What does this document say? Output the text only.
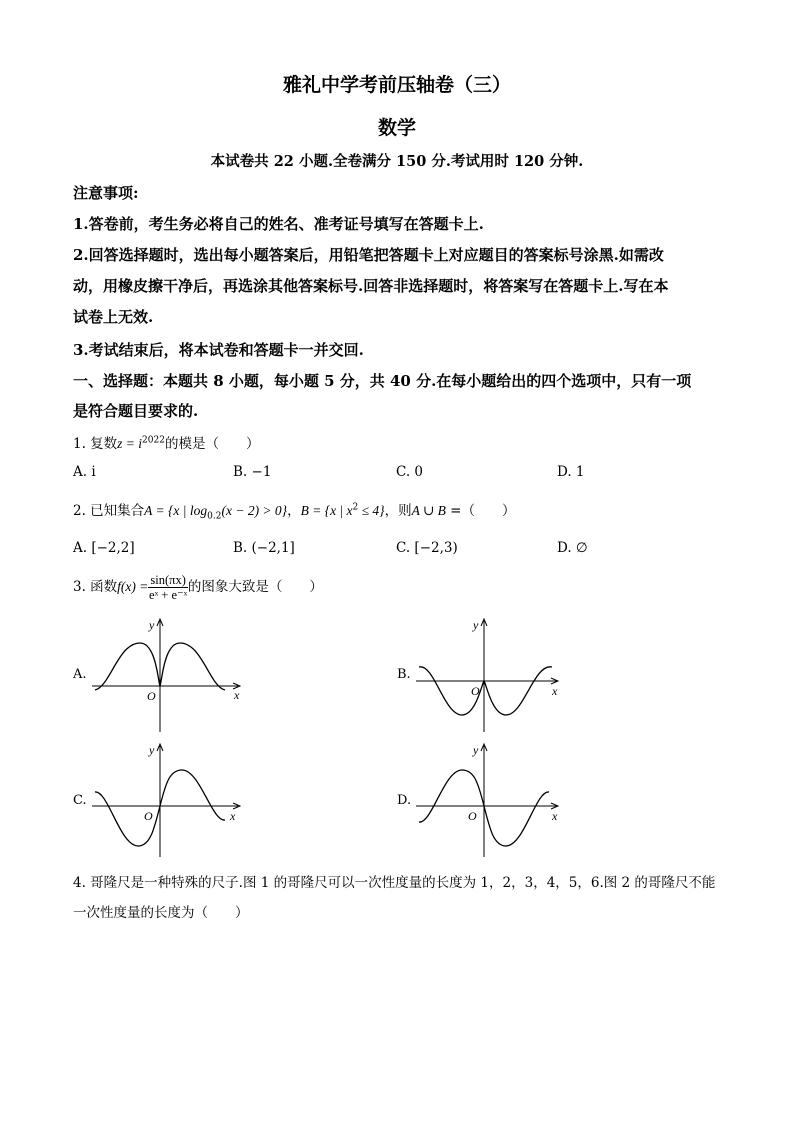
雅礼中学考前压轴卷（三）
数学
本试卷共 22 小题.全卷满分 150 分.考试用时 120 分钟.
注意事项:
1.答卷前，考生务必将自己的姓名、准考证号填写在答题卡上.
2.回答选择题时，选出每小题答案后，用铅笔把答题卡上对应题目的答案标号涂黑.如需改
动，用橡皮擦干净后，再选涂其他答案标号.回答非选择题时，将答案写在答题卡上.写在本
试卷上无效.
3.考试结束后，将本试卷和答题卡一并交回.
一、选择题：本题共 8 小题，每小题 5 分，共 40 分.在每小题给出的四个选项中，只有一项
是符合题目要求的.
1. 复数$z = i^{2022}$的模是（　　）
A. i	B. −1	C. 0	D. 1
2. 已知集合A = {x | $\log_{0.2}(x - 2) > 0$}，B = {x | $x^2 \le 4$}，则A ∪ B =（　　）
A. [−2,2]	B. (−2,1]	C. [−2,3)	D. ∅
3. 函数$f(x) = \frac{\sin(\pi x)}{\text{eˣ + e⁻ˣ}}$ 的图象大致是（　　）
A.	B.
C.	D.
x
y
O	x
y
O
x
y
O	x
y
O
4. 哥隆尺是一种特殊的尺子.图 1 的哥隆尺可以一次性度量的长度为 1，2，3，4，5，6.图 2 的哥隆尺不能
一次性度量的长度为（　　）
